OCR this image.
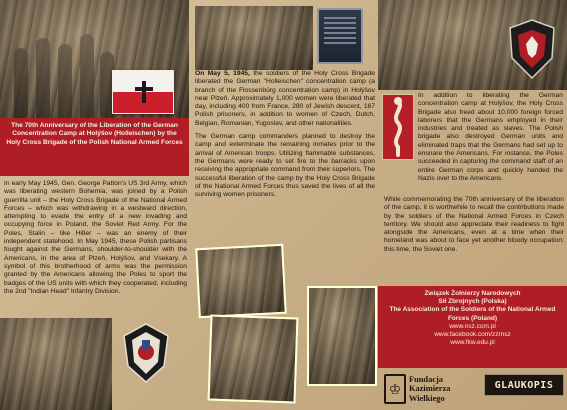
The 70th Anniversary of the Liberation of the German Concentration Camp at Holýšov (Holleischen) by the Holy Cross Brigade of the Polish National Armed Forces
In early May 1945, Gen. George Patton's US 3rd Army, which was liberating western Bohemia, was joined by a Polish guerrilla unit – the Holy Cross Brigade of the National Armed Forces – which was withdrawing in a westward direction, attempting to evade the entry of a new invading and occupying force in Poland, the Soviet Red Army. For the Poles, Stalin – like Hitler – was an enemy of their independent statehood. In May 1945, these Polish partisans fought against the Germans, shoulder-to-shoulder with the Americans, in the area of Plzeň, Holýšov, and Vsekary. A symbol of this brotherhood of arms was the permission granted by the Americans allowing the Poles to sport the badges of the US units with which they cooperated, including the 2nd "Indian Head" Infantry Division.

On May 5, 1945, the soldiers of the Holy Cross Brigade liberated the German "Holleischen" concentration camp (a branch of the Flossenbürg concentration camp) in Holýšov near Plzeň. Approximately 1,000 women were liberated that day, including 400 from France, 280 of Jewish descent, 167 Polish prisoners, in addition to women of Czech, Dutch, Belgian, Romanian, Yugoslav, and other nationalities.

The German camp commanders planned to destroy the camp and exterminate the remaining inmates prior to the arrival of American troops. Utilizing flammable substances, the Germans were ready to set fire to the barracks upon receiving the appropriate command from their superiors. The successful liberation of the camp by the Holy Cross Brigade of the National Armed Forces thus saved the lives of all the surviving women prisoners.

In addition to liberating the German concentration camp at Holýšov, the Holy Cross Brigade also freed about 10,000 foreign forced laborers that the Germans employed in their industries and treated as slaves. The Polish brigade also destroyed German units and eliminated traps that the Germans had set up to ensnare the Americans. For instance, the Poles succeeded in capturing the command staff of an entire German corps and quickly handed the Nazis over to the Americans.
While commemorating the 70th anniversary of the liberation of the camp, it is worthwhile to recall the contributions made by the soldiers of the National Armed Forces in Czech territory. We should also appreciate their readiness to fight alongside the Americans, even at a time when their homeland was about to face yet another bloody occupation: this time, the Soviet one.
Związek Żołnierzy Narodowych
Sił Zbrojnych (Polska)
The Association of the Soldiers of the National Armed Forces (Poland)
www.nsz.com.pl
www.facebook.com/zzrnsz
www.fkw.edu.pl
♔
Fundacja
Kazimierza
Wielkiego
GLAUKOPIS
